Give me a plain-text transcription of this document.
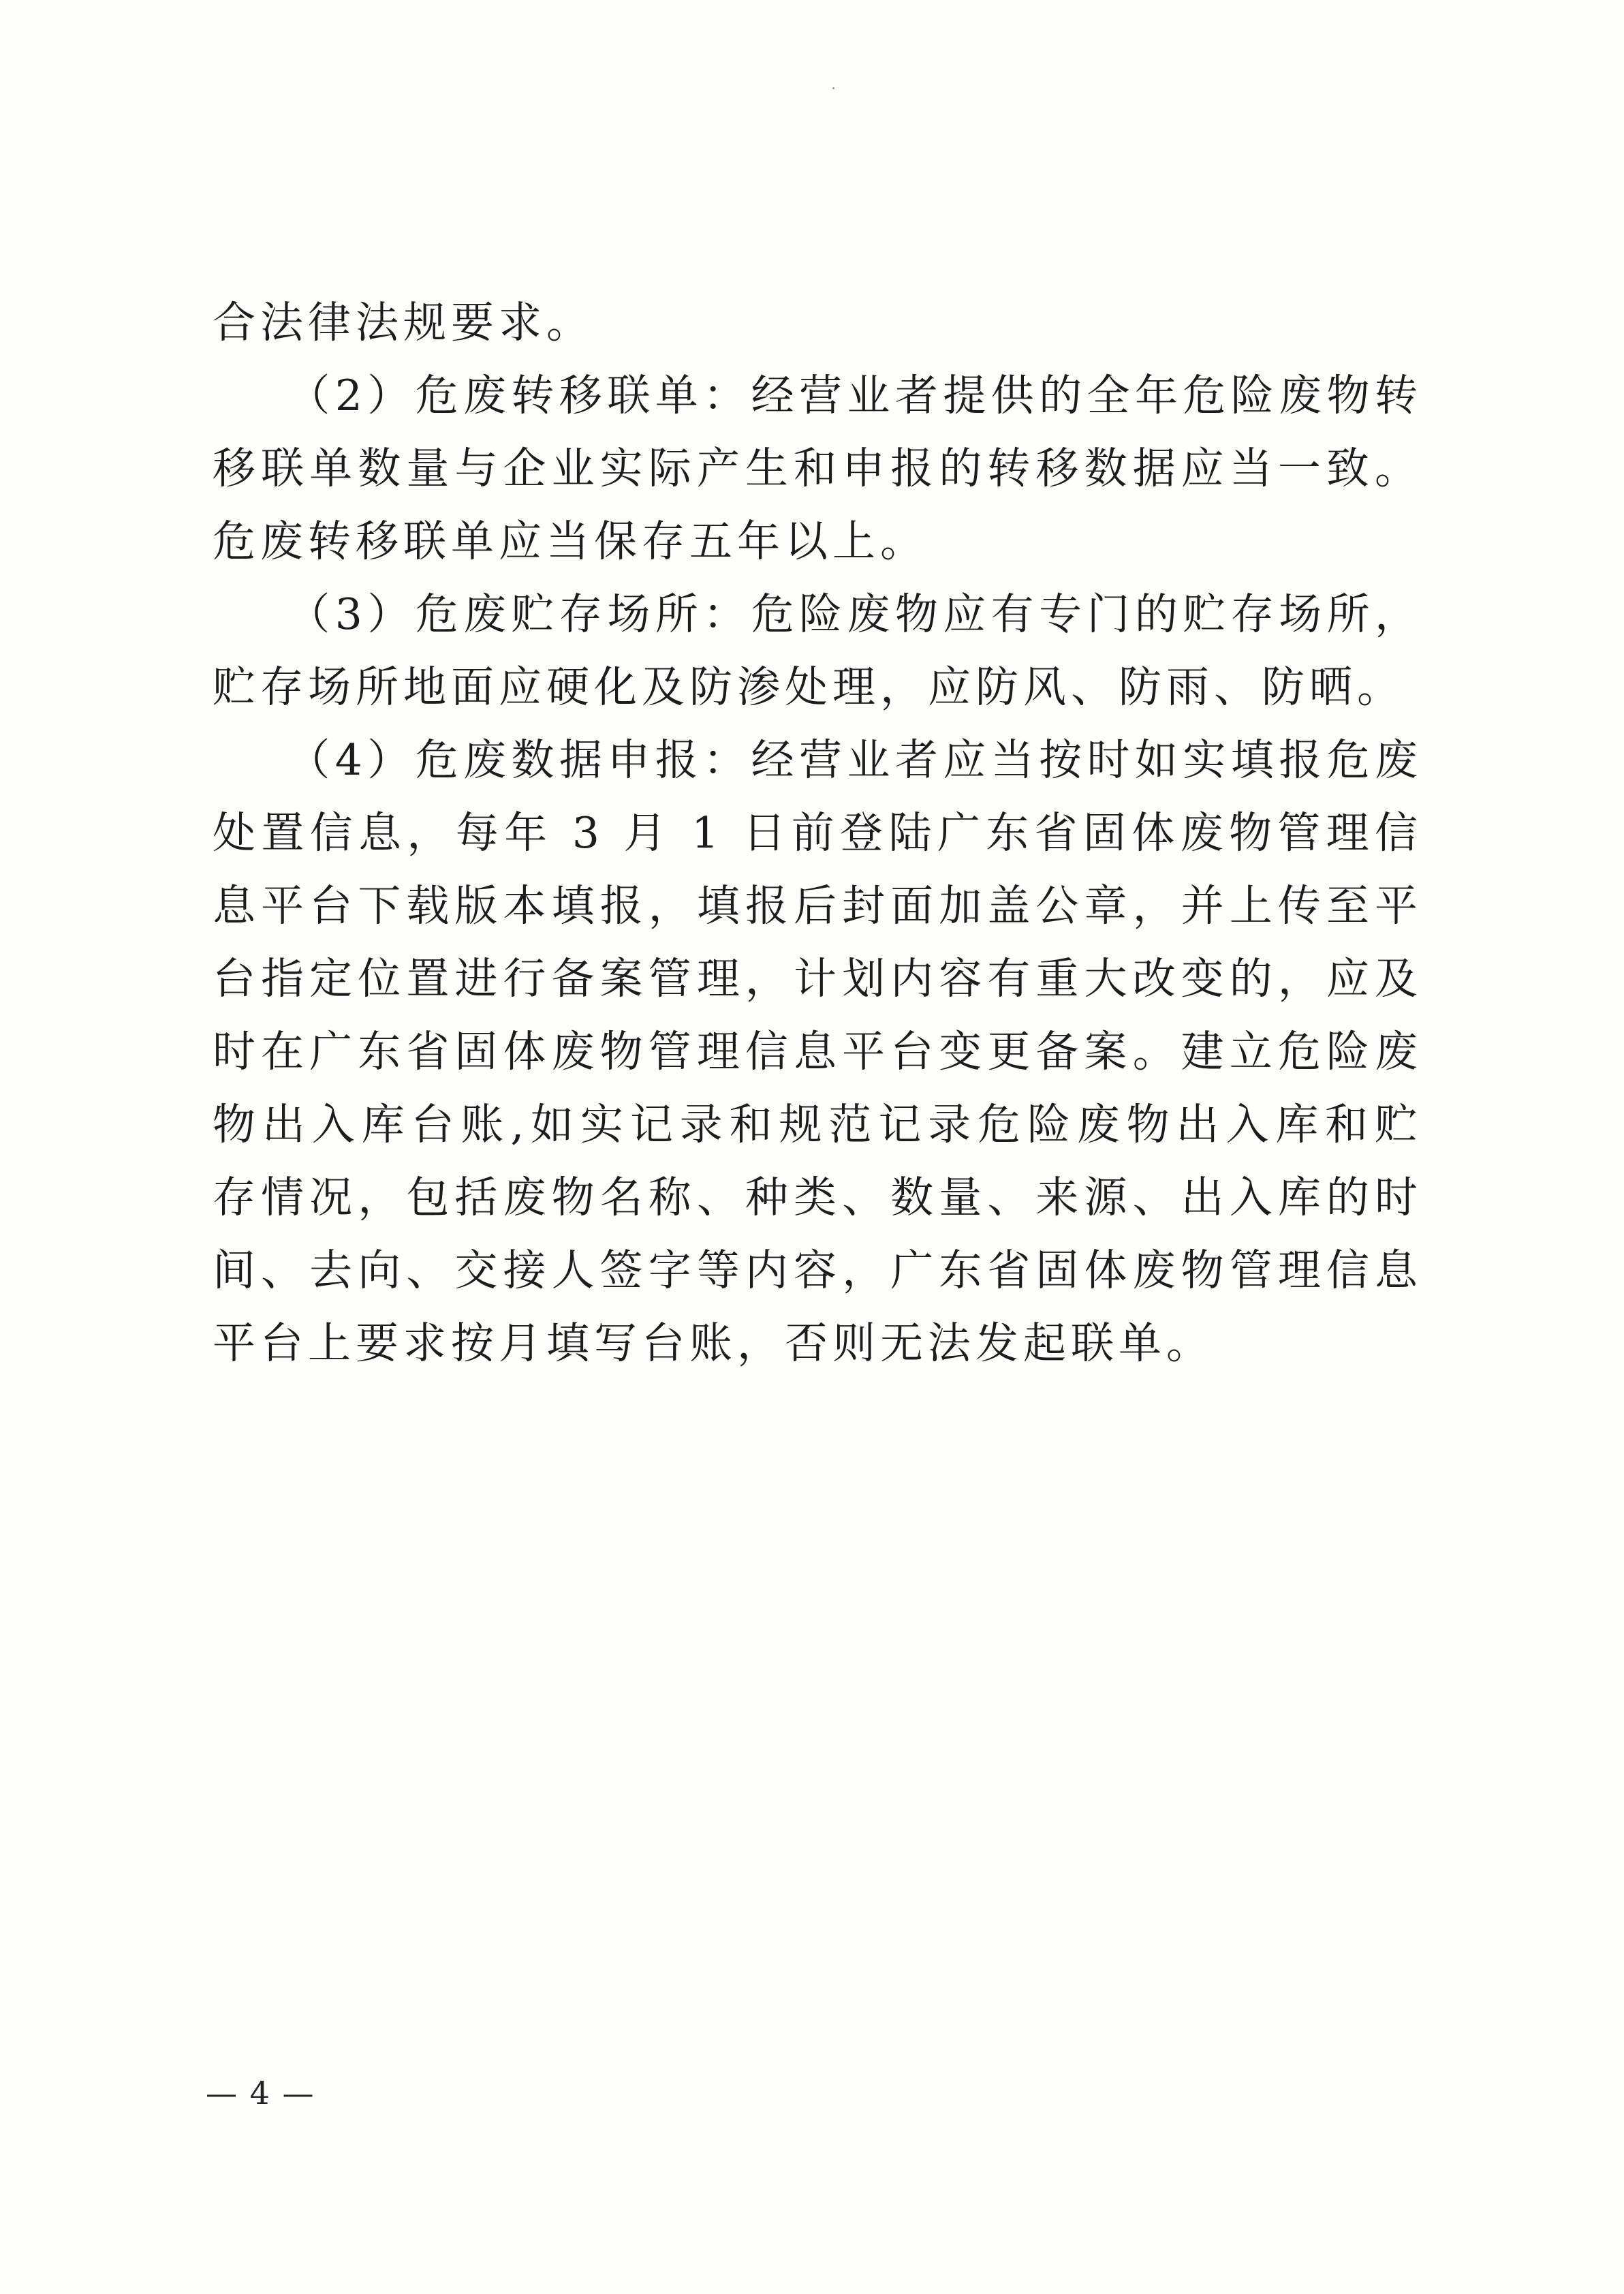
合法律法规要求。

　　（2）危废转移联单：经营业者提供的全年危险废物转移联单数量与企业实际产生和申报的转移数据应当一致。危废转移联单应当保存五年以上。

　　（3）危废贮存场所：危险废物应有专门的贮存场所，贮存场所地面应硬化及防渗处理，应防风、防雨、防晒。

　　（4）危废数据申报：经营业者应当按时如实填报危废处置信息，每年 3 月 1 日前登陆广东省固体废物管理信息平台下载版本填报，填报后封面加盖公章，并上传至平台指定位置进行备案管理，计划内容有重大改变的，应及时在广东省固体废物管理信息平台变更备案。建立危险废物出入库台账,如实记录和规范记录危险废物出入库和贮存情况，包括废物名称、种类、数量、来源、出入库的时间、去向、交接人签字等内容，广东省固体废物管理信息平台上要求按月填写台账，否则无法发起联单。

— 4 —
